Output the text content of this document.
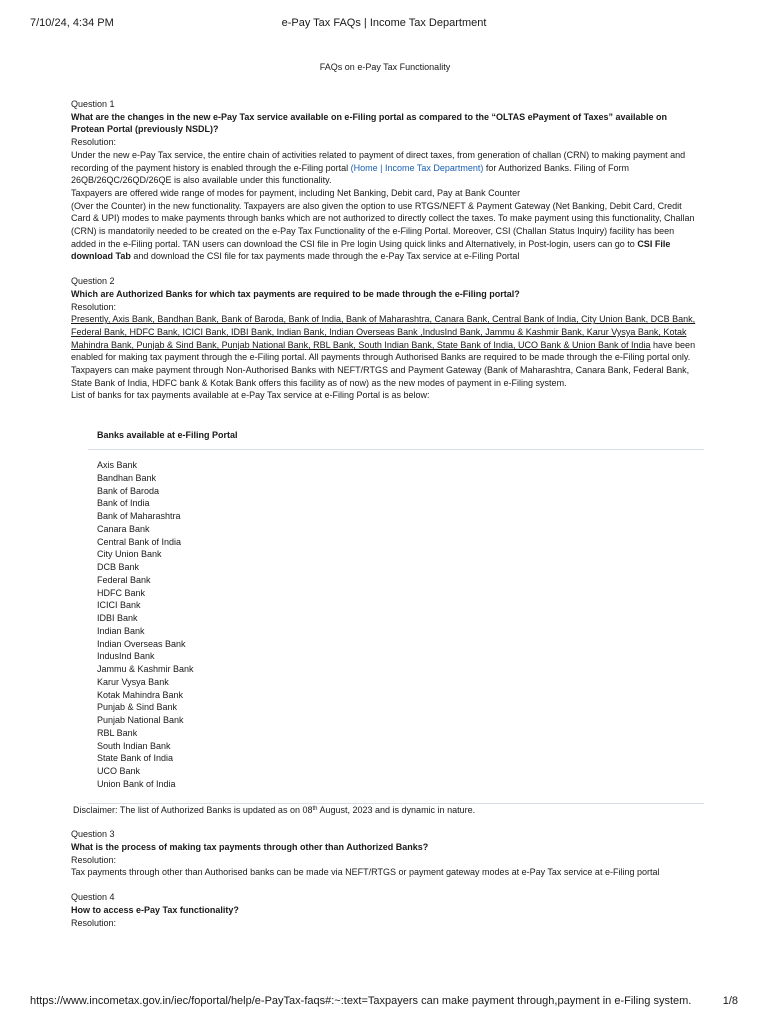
7/10/24, 4:34 PM	e-Pay Tax FAQs | Income Tax Department
FAQs on e-Pay Tax Functionality

Question 1

What are the changes in the new e-Pay Tax service available on e-Filing portal as compared to the “OLTAS ePayment of Taxes” available on Protean Portal (previously NSDL)?

Resolution:

Under the new e-Pay Tax service, the entire chain of activities related to payment of direct taxes, from generation of challan (CRN) to making payment and recording of the payment history is enabled through the e-Filing portal (Home | Income Tax Department) for Authorized Banks. Filing of Form 26QB/26QC/26QD/26QE is also available under this functionality.

Taxpayers are offered wide range of modes for payment, including Net Banking, Debit card, Pay at Bank Counter

(Over the Counter) in the new functionality. Taxpayers are also given the option to use RTGS/NEFT & Payment Gateway (Net Banking, Debit Card, Credit Card & UPI) modes to make payments through banks which are not authorized to directly collect the taxes. To make payment using this functionality, Challan (CRN) is mandatorily needed to be created on the e-Pay Tax Functionality of the e-Filing Portal. Moreover, CSI (Challan Status Inquiry) facility has been added in the e-Filing portal. TAN users can download the CSI file in Pre login Using quick links and Alternatively, in Post-login, users can go to CSI File download Tab and download the CSI file for tax payments made through the e-Pay Tax service at e-Filing Portal

Question 2

Which are Authorized Banks for which tax payments are required to be made through the e-Filing portal?

Resolution:

Presently, Axis Bank, Bandhan Bank, Bank of Baroda, Bank of India, Bank of Maharashtra, Canara Bank, Central Bank of India, City Union Bank, DCB Bank, Federal Bank, HDFC Bank, ICICI Bank, IDBI Bank, Indian Bank, Indian Overseas Bank ,IndusInd Bank, Jammu & Kashmir Bank, Karur Vysya Bank, Kotak Mahindra Bank, Punjab & Sind Bank, Punjab National Bank, RBL Bank, South Indian Bank, State Bank of India, UCO Bank & Union Bank of India have been enabled for making tax payment through the e-Filing portal. All payments through Authorised Banks are required to be made through the e-Filing portal only.

Taxpayers can make payment through Non-Authorised Banks with NEFT/RTGS and Payment Gateway (Bank of Maharashtra, Canara Bank, Federal Bank, State Bank of India, HDFC bank & Kotak Bank offers this facility as of now) as the new modes of payment in e-Filing system.

List of banks for tax payments available at e-Pay Tax service at e-Filing Portal is as below:

Banks available at e-Filing Portal
Axis Bank
Bandhan Bank
Bank of Baroda
Bank of India
Bank of Maharashtra
Canara Bank
Central Bank of India
City Union Bank
DCB Bank
Federal Bank
HDFC Bank
ICICI Bank
IDBI Bank
Indian Bank
Indian Overseas Bank
IndusInd Bank
Jammu & Kashmir Bank
Karur Vysya Bank
Kotak Mahindra Bank
Punjab & Sind Bank
Punjab National Bank
RBL Bank
South Indian Bank
State Bank of India
UCO Bank
Union Bank of India

Disclaimer: The list of Authorized Banks is updated as on 08th August, 2023 and is dynamic in nature.

Question 3

What is the process of making tax payments through other than Authorized Banks?

Resolution:

Tax payments through other than Authorised banks can be made via NEFT/RTGS or payment gateway modes at e-Pay Tax service at e-Filing portal

Question 4

How to access e-Pay Tax functionality?

Resolution:

https://www.incometax.gov.in/iec/foportal/help/e-PayTax-faqs#:~:text=Taxpayers can make payment through,payment in e-Filing system.	1/8
